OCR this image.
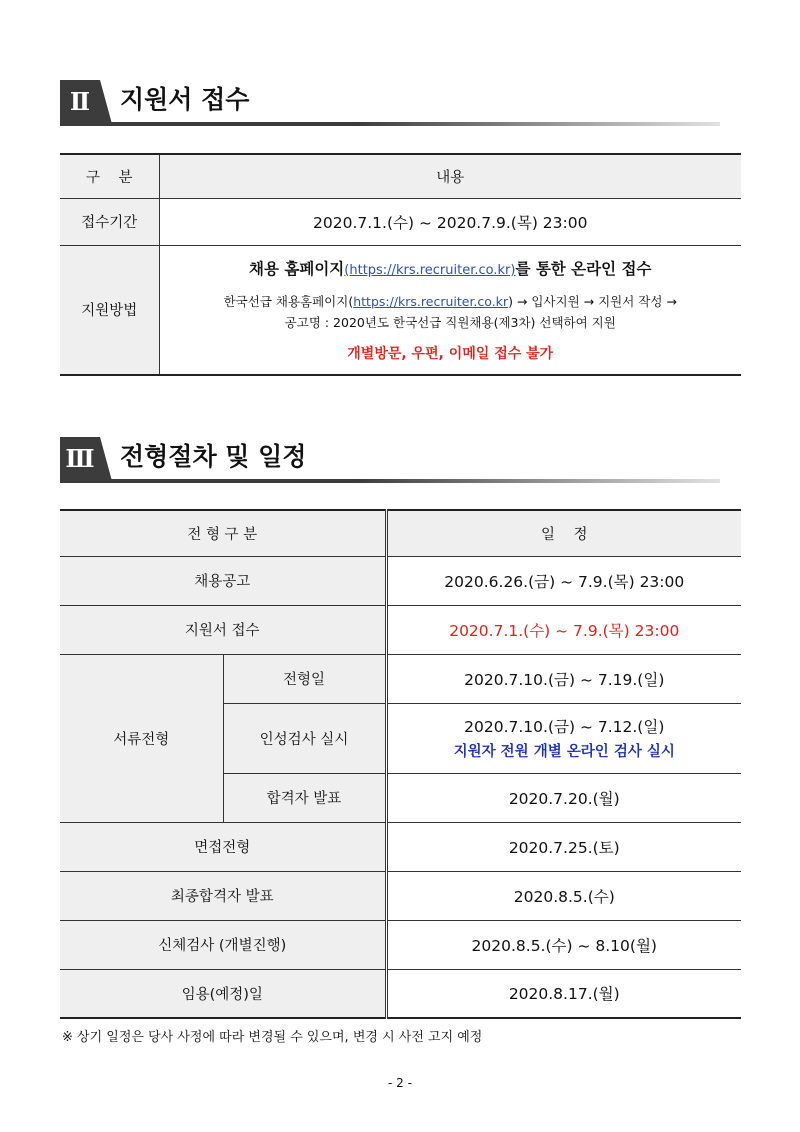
Ⅱ	지원서 접수
구    분	내용
접수기간	2020.7.1.(수) ~ 2020.7.9.(목) 23:00
지원방법	채용 홈페이지(https://krs.recruiter.co.kr)를 통한 온라인 접수
한국선급 채용홈페이지(https://krs.recruiter.co.kr) → 입사지원 → 지원서 작성 →
공고명 : 2020년도 한국선급 직원채용(제3차) 선택하여 지원
개별방문, 우편, 이메일 접수 불가
Ⅲ 전형절차 및 일정
전 형 구 분		일    정
채용공고		2020.6.26.(금) ~ 7.9.(목) 23:00
지원서 접수		2020.7.1.(수) ~ 7.9.(목) 23:00
서류전형	전형일	2020.7.10.(금) ~ 7.19.(일)
	인성검사 실시	2020.7.10.(금) ~ 7.12.(일)
지원자 전원 개별 온라인 검사 실시

	합격자 발표	2020.7.20.(월)
면접전형		2020.7.25.(토)
최종합격자 발표		2020.8.5.(수)
신체검사 (개별진행)		2020.8.5.(수) ~ 8.10(월)
임용(예정)일		2020.8.17.(월)
※ 상기 일정은 당사 사정에 따라 변경될 수 있으며, 변경 시 사전 고지 예정
- 2 -
